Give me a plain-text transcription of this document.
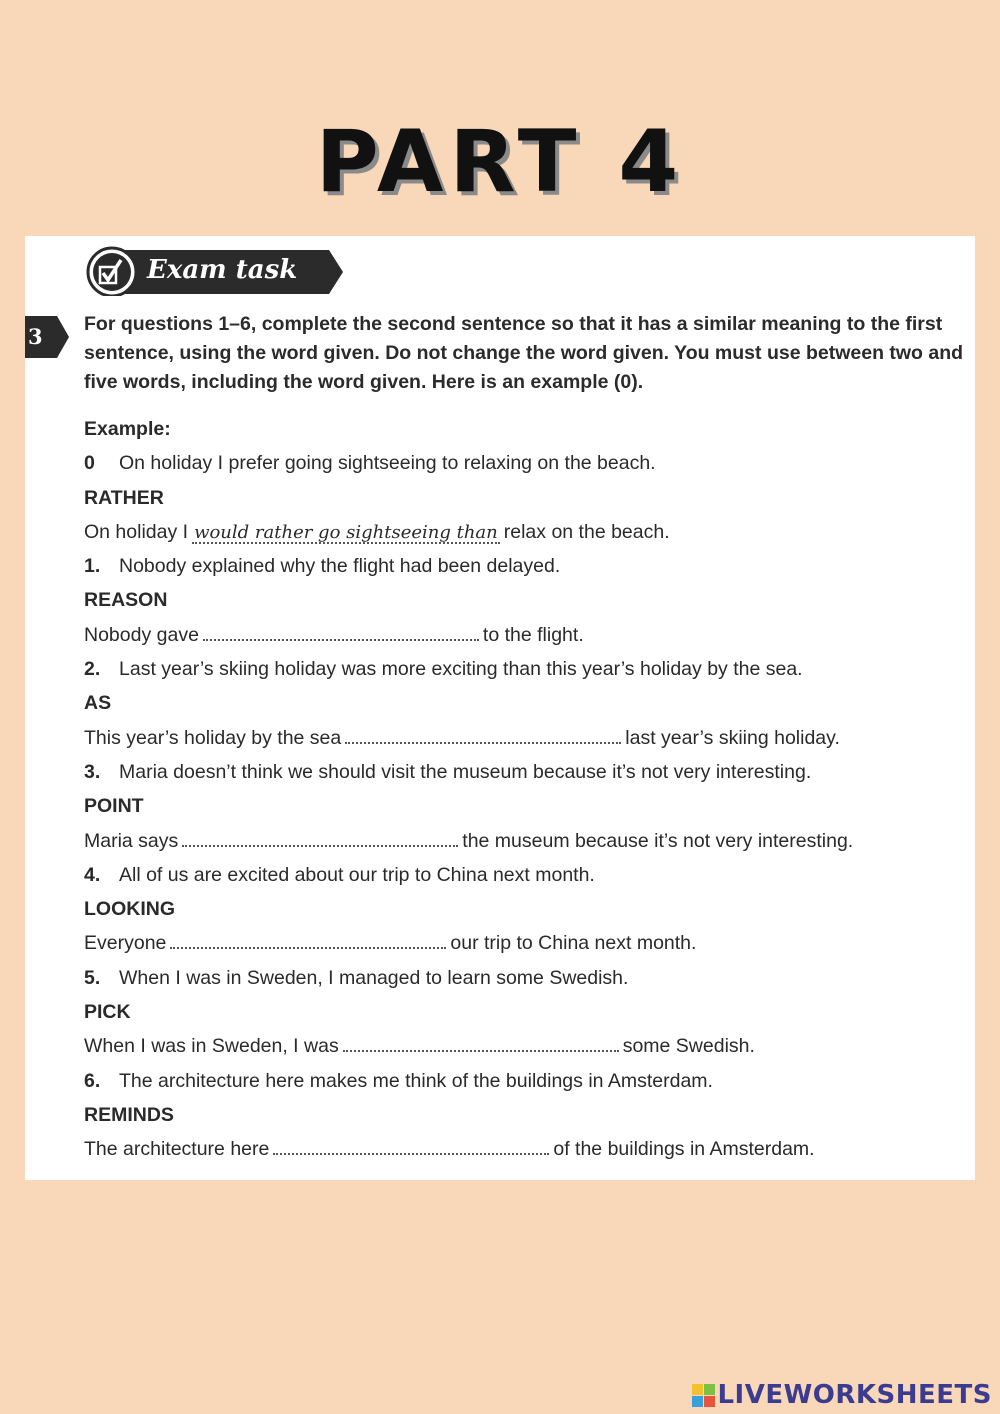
PART 4
Exam task
3 For questions 1–6, complete the second sentence so that it has a similar meaning to the first sentence, using the word given. Do not change the word given. You must use between two and five words, including the word given. Here is an example (0).
Example:
0 On holiday I prefer going sightseeing to relaxing on the beach.
RATHER
On holiday I would rather go sightseeing than relax on the beach.
1. Nobody explained why the flight had been delayed.
REASON
Nobody gave	to the flight.
2. Last year’s skiing holiday was more exciting than this year’s holiday by the sea.
AS
This year’s holiday by the sea	last year’s skiing holiday.
3. Maria doesn’t think we should visit the museum because it’s not very interesting.
POINT
Maria says	the museum because it’s not very interesting.
4. All of us are excited about our trip to China next month.
LOOKING
Everyone	our trip to China next month.
5. When I was in Sweden, I managed to learn some Swedish.
PICK
When I was in Sweden, I was	some Swedish.
6. The architecture here makes me think of the buildings in Amsterdam.
REMINDS
The architecture here	of the buildings in Amsterdam.
LIVEWORKSHEETS
